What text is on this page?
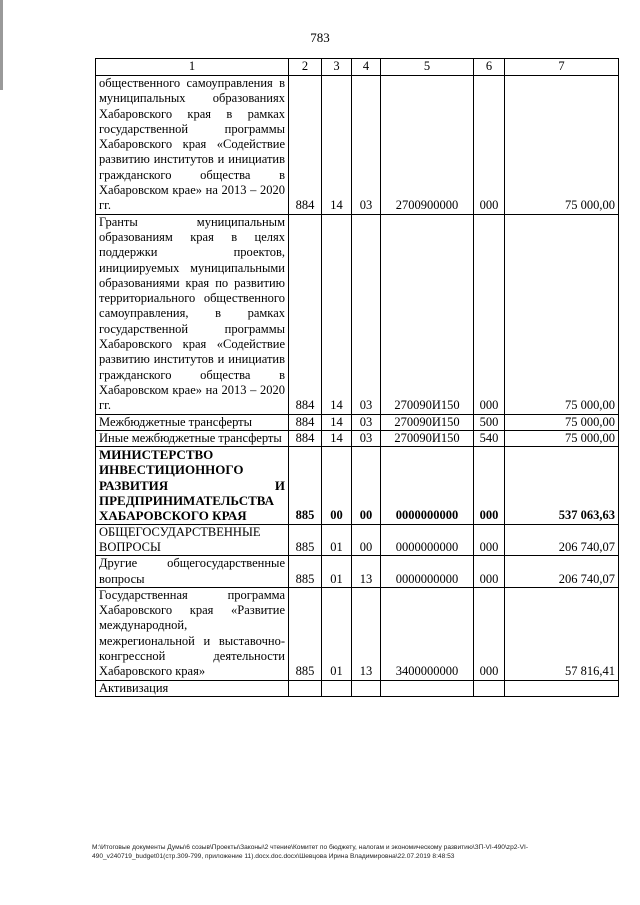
783
1	2	3	4	5	6	7
общественного самоуправления в муниципальных образованиях Хабаровского края в рамках государственной программы Хабаровского края «Содействие развитию институтов и инициатив гражданского общества в Хабаровском крае» на 2013 – 2020 гг.	884	14	03	2700900000	000	75 000,00
Гранты муниципальным образованиям края в целях поддержки проектов, инициируемых муниципальными образованиями края по развитию территориального общественного самоуправления, в рамках государственной программы Хабаровского края «Содействие развитию институтов и инициатив гражданского общества в Хабаровском крае» на 2013 – 2020 гг.	884	14	03	270090И150	000	75 000,00
Межбюджетные трансферты	884	14	03	270090И150	500	75 000,00
Иные межбюджетные трансферты	884	14	03	270090И150	540	75 000,00
МИНИСТЕРСТВО ИНВЕСТИЦИОННОГО РАЗВИТИЯ И ПРЕДПРИНИМАТЕЛЬСТВА ХАБАРОВСКОГО КРАЯ	885	00	00	0000000000	000	537 063,63
ОБЩЕГОСУДАРСТВЕННЫЕ ВОПРОСЫ	885	01	00	0000000000	000	206 740,07
Другие общегосударственные вопросы	885	01	13	0000000000	000	206 740,07
Государственная программа Хабаровского края «Развитие международной, межрегиональной и выставочно-конгрессной деятельности Хабаровского края»	885	01	13	3400000000	000	57 816,41
Активизация						
M:\Итоговые документы Думы\6 созыв\Проекты\Законы\2 чтение\Комитет по бюджету, налогам и экономическому развитию\ЗП-VI-490\zp2-VI-490_v240719_budget01(стр.309-799, приложение 11).docx.doc.docx\Шевцова Ирина Владимировна\22.07.2019 8:48:53
